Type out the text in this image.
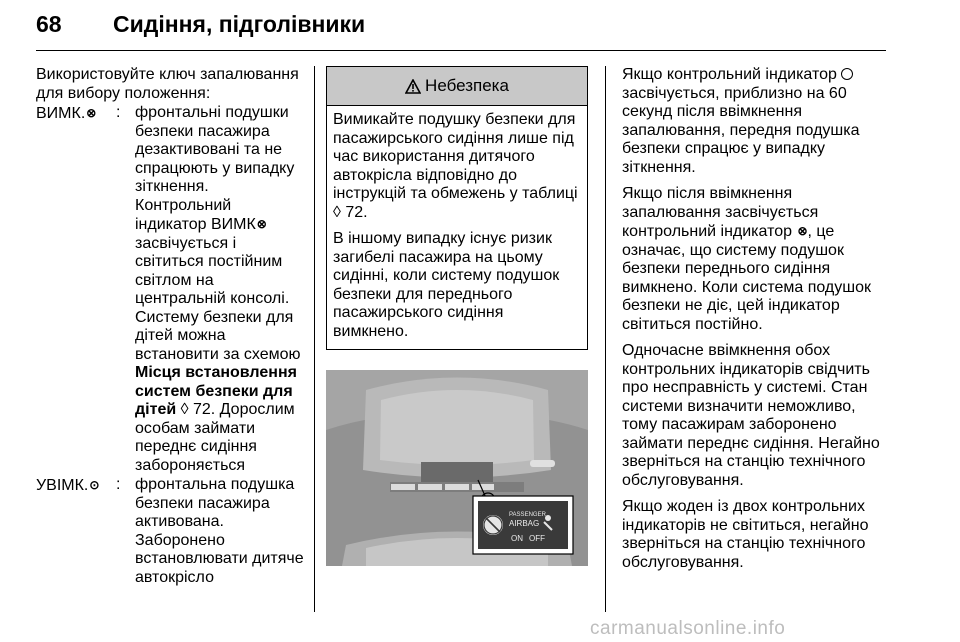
68 Сидіння, підголівники

Використовуйте ключ запалювання для вибору положення:

ВИМК.⊗ : фронтальні подушки безпеки пасажира дезактивовані та не спрацюють у випадку зіткнення. Контрольний індикатор ВИМК⊗ засвічується і світиться постійним світлом на центральній консолі. Систему безпеки для дітей можна встановити за схемою Місця встановлення систем безпеки для дітей ◊ 72. Дорослим особам займати переднє сидіння забороняється
УВІМК.⊙ : фронтальна подушка безпеки пасажира активована. Заборонено встановлювати дитяче автокрісло
Небезпека

Вимикайте подушку безпеки для пасажирського сидіння лише під час використання дитячого автокрісла відповідно до інструкцій та обмежень у таблиці ◊ 72.

В іншому випадку існує ризик загибелі пасажира на цьому сидінні, коли систему подушок безпеки для переднього пасажирського сидіння вимкнено.

PASSENGER
AIRBAG
ON OFF

Якщо контрольний індикатор  засвічується, приблизно на 60 секунд після ввімкнення запалювання, передня подушка безпеки спрацює у випадку зіткнення.

Якщо після ввімкнення запалювання засвічується контрольний індикатор ⊗, це означає, що систему подушок безпеки переднього сидіння вимкнено. Коли система подушок безпеки не діє, цей індикатор світиться постійно.

Одночасне ввімкнення обох контрольних індикаторів свідчить про несправність у системі. Стан системи визначити неможливо, тому пасажирам заборонено займати переднє сидіння. Негайно зверніться на станцію технічного обслуговування.

Якщо жоден із двох контрольних індикаторів не світиться, негайно зверніться на станцію технічного обслуговування.

carmanualsonline.info
